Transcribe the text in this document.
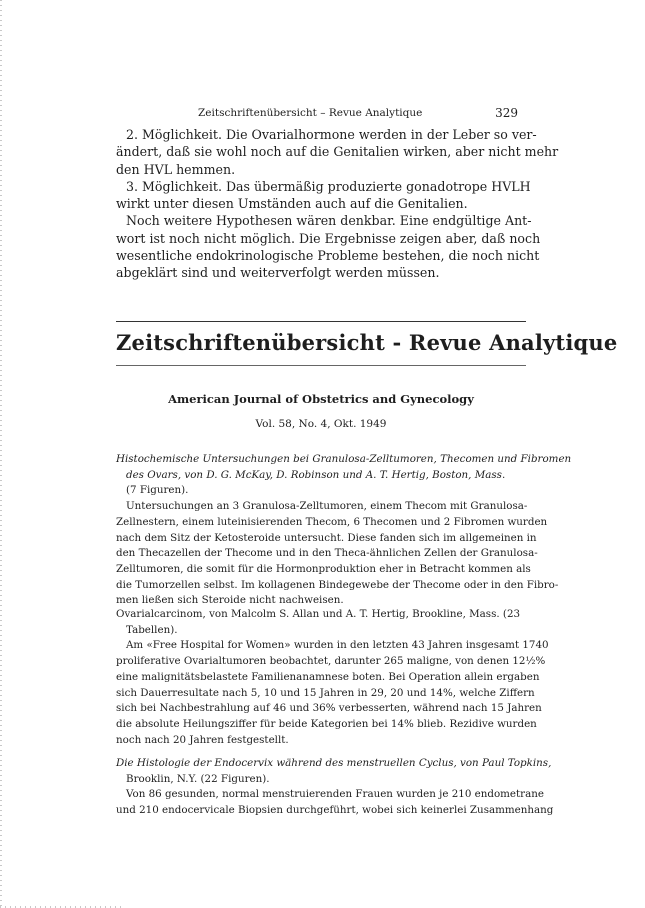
Zeitschriftenübersicht – Revue Analytique	329
2. Möglichkeit. Die Ovarialhormone werden in der Leber so ver-
ändert, daß sie wohl noch auf die Genitalien wirken, aber nicht mehr
den HVL hemmen.
3. Möglichkeit. Das übermäßig produzierte gonadotrope HVLH
wirkt unter diesen Umständen auch auf die Genitalien.
Noch weitere Hypothesen wären denkbar. Eine endgültige Ant-
wort ist noch nicht möglich. Die Ergebnisse zeigen aber, daß noch
wesentliche endokrinologische Probleme bestehen, die noch nicht
abgeklärt sind und weiterverfolgt werden müssen.
Zeitschriftenübersicht - Revue Analytique
American Journal of Obstetrics and Gynecology
Vol. 58, No. 4, Okt. 1949
Histochemische Untersuchungen bei Granulosa-Zelltumoren, Thecomen und Fibromen
des Ovars, von D. G. McKay, D. Robinson und A. T. Hertig, Boston, Mass.
(7 Figuren).
Untersuchungen an 3 Granulosa-Zelltumoren, einem Thecom mit Granulosa-
Zellnestern, einem luteinisierenden Thecom, 6 Thecomen und 2 Fibromen wurden
nach dem Sitz der Ketosteroide untersucht. Diese fanden sich im allgemeinen in
den Thecazellen der Thecome und in den Theca-ähnlichen Zellen der Granulosa-
Zelltumoren, die somit für die Hormonproduktion eher in Betracht kommen als
die Tumorzellen selbst. Im kollagenen Bindegewebe der Thecome oder in den Fibro-
men ließen sich Steroide nicht nachweisen.
Ovarialcarcinom, von Malcolm S. Allan und A. T. Hertig, Brookline, Mass. (23
Tabellen).
Am «Free Hospital for Women» wurden in den letzten 43 Jahren insgesamt 1740
proliferative Ovarialtumoren beobachtet, darunter 265 maligne, von denen 12½%
eine malignitätsbelastete Familienanamnese boten. Bei Operation allein ergaben
sich Dauerresultate nach 5, 10 und 15 Jahren in 29, 20 und 14%, welche Ziffern
sich bei Nachbestrahlung auf 46 und 36% verbesserten, während nach 15 Jahren
die absolute Heilungsziffer für beide Kategorien bei 14% blieb. Rezidive wurden
noch nach 20 Jahren festgestellt.
Die Histologie der Endocervix während des menstruellen Cyclus, von Paul Topkins,
Brooklin, N.Y. (22 Figuren).
Von 86 gesunden, normal menstruierenden Frauen wurden je 210 endometrane
und 210 endocervicale Biopsien durchgeführt, wobei sich keinerlei Zusammenhang
